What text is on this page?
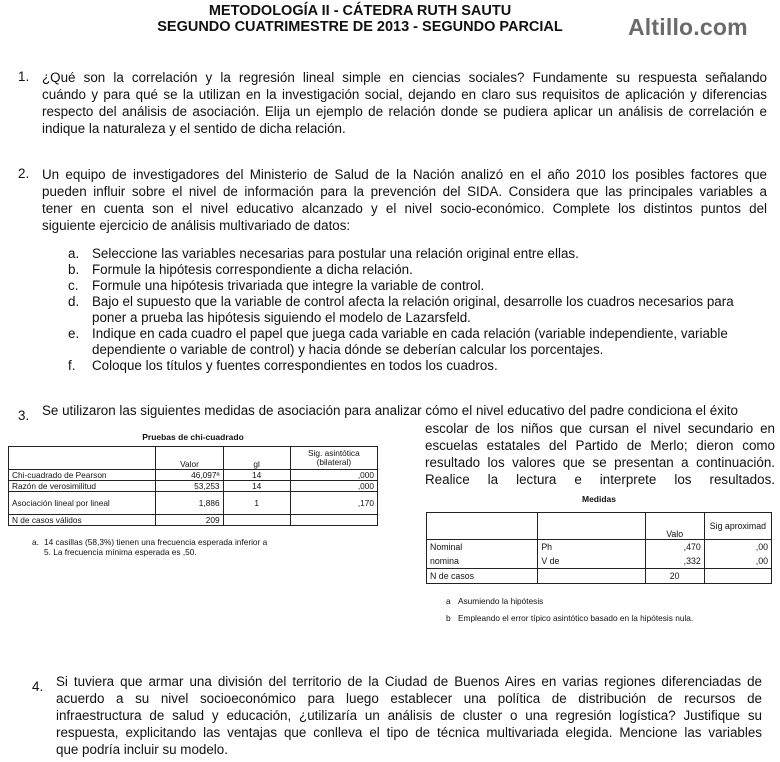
METODOLOGÍA II - CÁTEDRA RUTH SAUTU
SEGUNDO CUATRIMESTRE DE 2013 - SEGUNDO PARCIAL	Altillo.com
1. ¿Qué son la correlación y la regresión lineal simple en ciencias sociales? Fundamente su respuesta señalando
cuándo y para qué se la utilizan en la investigación social, dejando en claro sus requisitos de aplicación y diferencias
respecto del análisis de asociación. Elija un ejemplo de relación donde se pudiera aplicar un análisis de correlación e
indique la naturaleza y el sentido de dicha relación.
2. Un equipo de investigadores del Ministerio de Salud de la Nación analizó en el año 2010 los posibles factores que
pueden influir sobre el nivel de información para la prevención del SIDA. Considera que las principales variables a
tener en cuenta son el nivel educativo alcanzado y el nivel socio-económico. Complete los distintos puntos del
siguiente ejercicio de análisis multivariado de datos:
a. Seleccione las variables necesarias para postular una relación original entre ellas.
b. Formule la hipótesis correspondiente a dicha relación.
c. Formule una hipótesis trivariada que integre la variable de control.
d. Bajo el supuesto que la variable de control afecta la relación original, desarrolle los cuadros necesarios para
poner a prueba las hipótesis siguiendo el modelo de Lazarsfeld.
e. Indique en cada cuadro el papel que juega cada variable en cada relación (variable independiente, variable
dependiente o variable de control) y hacia dónde se deberían calcular los porcentajes.
f. Coloque los títulos y fuentes correspondientes en todos los cuadros.
3. Se utilizaron las siguientes medidas de asociación para analizar cómo el nivel educativo del padre condiciona el éxito
escolar de los niños que cursan el nivel secundario en
escuelas estatales del Partido de Merlo; dieron como
resultado los valores que se presentan a continuación.
Realice la lectura e interprete los resultados.
Pruebas de chi-cuadrado
	Valor	gl	Sig. asintótica (bilateral)
Chi-cuadrado de Pearson	46,097ª	14	,000
Razón de verosimilitud	53,253	14	,000
Asociación lineal por lineal	1,886	1	,170
N de casos válidos	209		
a. 14 casillas (58,3%) tienen una frecuencia esperada inferior a
5. La frecuencia mínima esperada es ,50.
Medidas
		Valo	Sig aproximad
Nominal	Ph	,470	,00
nomina	V de	,332	,00
N de casos		20	
a Asumiendo la hipótesis
b Empleando el error típico asintótico basado en la hipótesis nula.
4. Si tuviera que armar una división del territorio de la Ciudad de Buenos Aires en varias regiones diferenciadas de
acuerdo a su nivel socioeconómico para luego establecer una política de distribución de recursos de
infraestructura de salud y educación, ¿utilizaría un análisis de cluster o una regresión logística? Justifique su
respuesta, explicitando las ventajas que conlleva el tipo de técnica multivariada elegida. Mencione las variables
que podría incluir su modelo.
